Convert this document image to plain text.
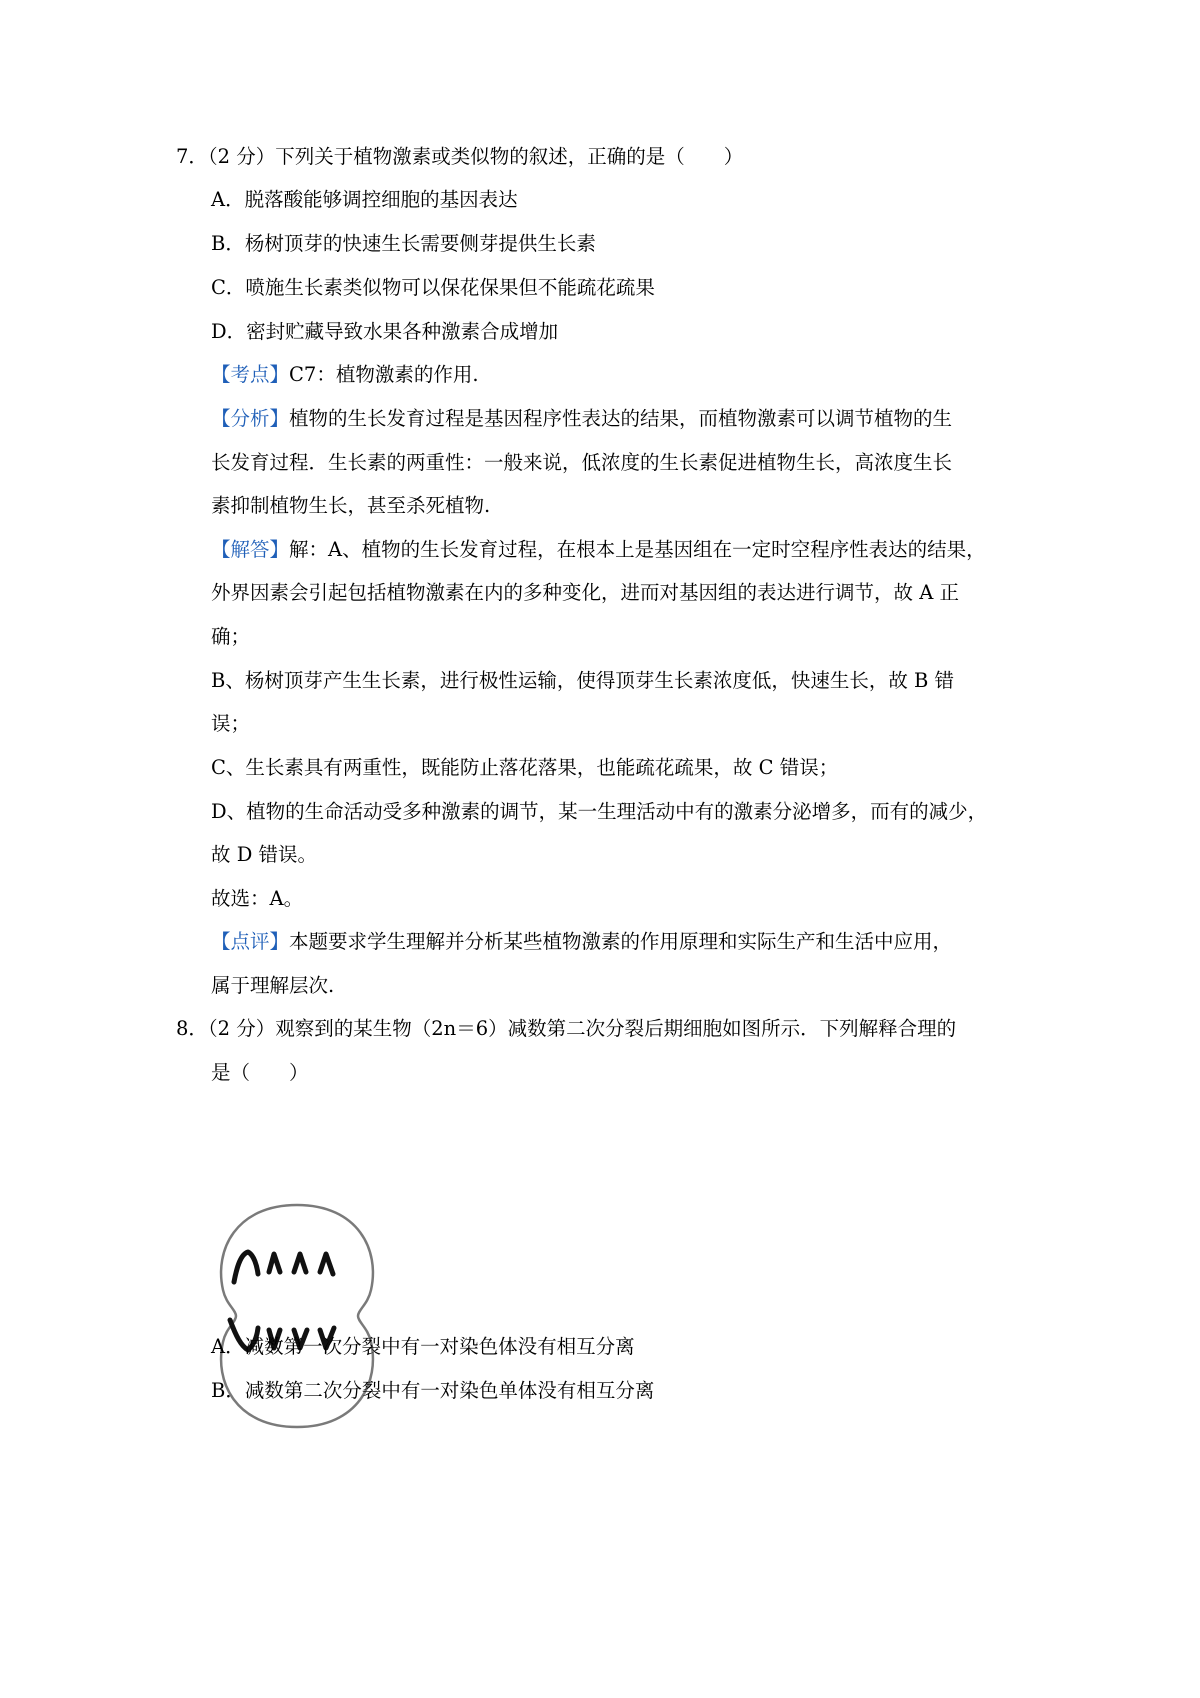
7．（2 分）下列关于植物激素或类似物的叙述，正确的是（　　）
A．脱落酸能够调控细胞的基因表达
B．杨树顶芽的快速生长需要侧芽提供生长素
C．喷施生长素类似物可以保花保果但不能疏花疏果
D．密封贮藏导致水果各种激素合成增加
【考点】C7：植物激素的作用.
【分析】植物的生长发育过程是基因程序性表达的结果，而植物激素可以调节植物的生
长发育过程．生长素的两重性：一般来说，低浓度的生长素促进植物生长，高浓度生长
素抑制植物生长，甚至杀死植物.
【解答】解：A、植物的生长发育过程，在根本上是基因组在一定时空程序性表达的结果，
外界因素会引起包括植物激素在内的多种变化，进而对基因组的表达进行调节，故 A 正
确；
B、杨树顶芽产生生长素，进行极性运输，使得顶芽生长素浓度低，快速生长，故 B 错
误；
C、生长素具有两重性，既能防止落花落果，也能疏花疏果，故 C 错误；
D、植物的生命活动受多种激素的调节，某一生理活动中有的激素分泌增多，而有的减少，
故 D 错误。
故选：A。
【点评】本题要求学生理解并分析某些植物激素的作用原理和实际生产和生活中应用，
属于理解层次.
8．（2 分）观察到的某生物（2n＝6）减数第二次分裂后期细胞如图所示．下列解释合理的
是（　　）
A．减数第一次分裂中有一对染色体没有相互分离
B．减数第二次分裂中有一对染色单体没有相互分离
